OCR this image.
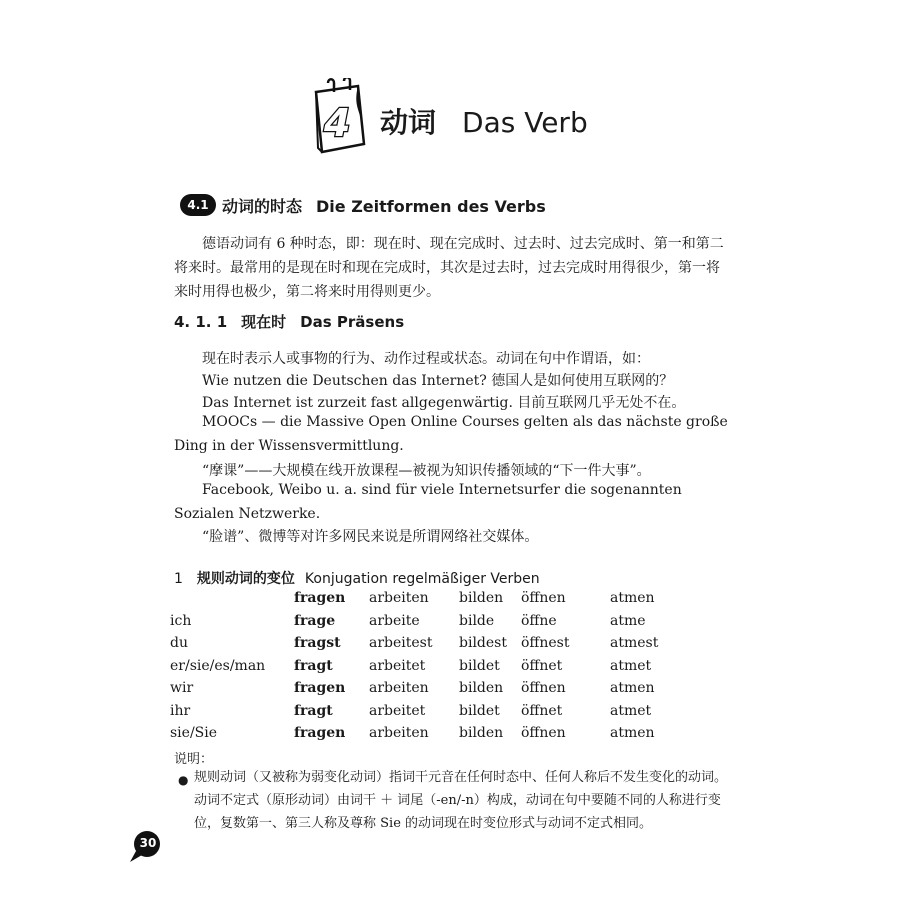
4 动词 Das Verb
4.1 动词的时态 Die Zeitformen des Verbs

德语动词有 6 种时态，即：现在时、现在完成时、过去时、过去完成时、第一和第二将来时。最常用的是现在时和现在完成时，其次是过去时，过去完成时用得很少，第一将来时用得也极少，第二将来时用得则更少。

4. 1. 1 现在时 Das Präsens
现在时表示人或事物的行为、动作过程或状态。动词在句中作谓语，如：
Wie nutzen die Deutschen das Internet? 德国人是如何使用互联网的？
Das Internet ist zurzeit fast allgegenwärtig. 目前互联网几乎无处不在。

MOOCs — die Massive Open Online Courses gelten als das nächste große Ding in der Wissensvermittlung.

“摩课”——大规模在线开放课程—被视为知识传播领域的“下一件大事”。

Facebook, Weibo u. a. sind für viele Internetsurfer die sogenannten Sozialen Netzwerke.

“脸谱”、微博等对许多网民来说是所谓网络社交媒体。
1 规则动词的变位 Konjugation regelmäßiger Verben
	fragen	arbeiten	bilden	öffnen	atmen
ich	frage	arbeite	bilde	öffne	atme
du	fragst	arbeitest	bildest	öffnest	atmest
er/sie/es/man	fragt	arbeitet	bildet	öffnet	atmet
wir	fragen	arbeiten	bilden	öffnen	atmen
ihr	fragt	arbeitet	bildet	öffnet	atmet
sie/Sie	fragen	arbeiten	bilden	öffnen	atmen
说明：
● 规则动词（又被称为弱变化动词）指词干元音在任何时态中、任何人称后不发生变化的动词。动词不定式（原形动词）由词干 ＋ 词尾（-en/-n）构成，动词在句中要随不同的人称进行变位，复数第一、第三人称及尊称 Sie 的动词现在时变位形式与动词不定式相同。

30
